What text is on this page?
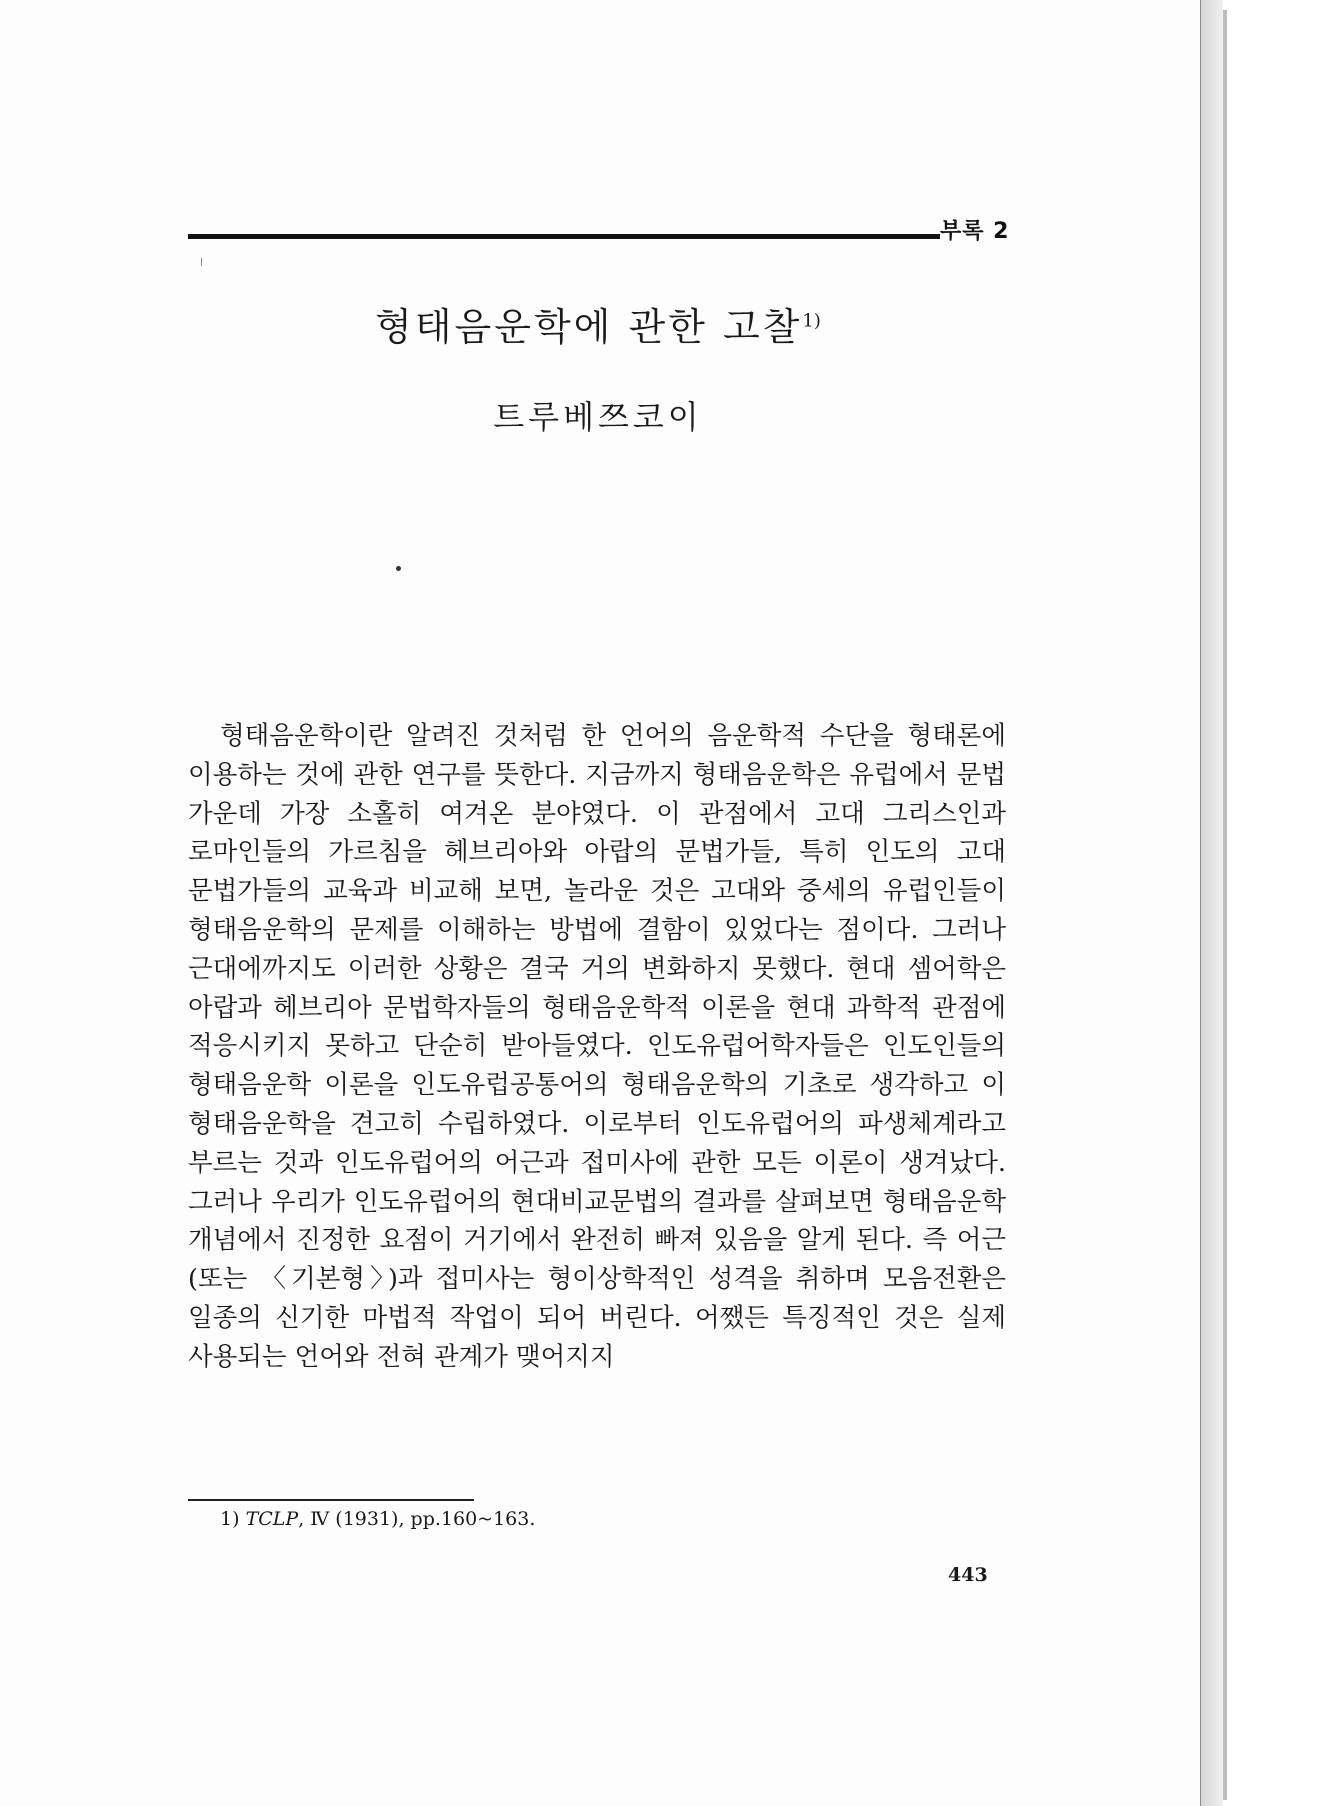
부록 2
형태음운학에 관한 고찰$^{1)}$
트루베쯔코이

형태음운학이란 알려진 것처럼 한 언어의 음운학적 수단을 형태론에 이용하는 것에 관한 연구를 뜻한다. 지금까지 형태음운학은 유럽에서 문법 가운데 가장 소홀히 여겨온 분야였다. 이 관점에서 고대 그리스인과 로마인들의 가르침을 헤브리아와 아랍의 문법가들, 특히 인도의 고대 문법가들의 교육과 비교해 보면, 놀라운 것은 고대와 중세의 유럽인들이 형태음운학의 문제를 이해하는 방법에 결함이 있었다는 점이다. 그러나 근대에까지도 이러한 상황은 결국 거의 변화하지 못했다. 현대 셈어학은 아랍과 헤브리아 문법학자들의 형태음운학적 이론을 현대 과학적 관점에 적응시키지 못하고 단순히 받아들였다. 인도유럽어학자들은 인도인들의 형태음운학 이론을 인도유럽공통어의 형태음운학의 기초로 생각하고 이 형태음운학을 견고히 수립하였다. 이로부터 인도유럽어의 파생체계라고 부르는 것과 인도유럽어의 어근과 접미사에 관한 모든 이론이 생겨났다. 그러나 우리가 인도유럽어의 현대비교문법의 결과를 살펴보면 형태음운학 개념에서 진정한 요점이 거기에서 완전히 빠져 있음을 알게 된다. 즉 어근(또는 〈기본형〉)과 접미사는 형이상학적인 성격을 취하며 모음전환은 일종의 신기한 마법적 작업이 되어 버린다. 어쨌든 특징적인 것은 실제 사용되는 언어와 전혀 관계가 맺어지지

1) TCLP, Ⅳ (1931), pp.160~163.
443
